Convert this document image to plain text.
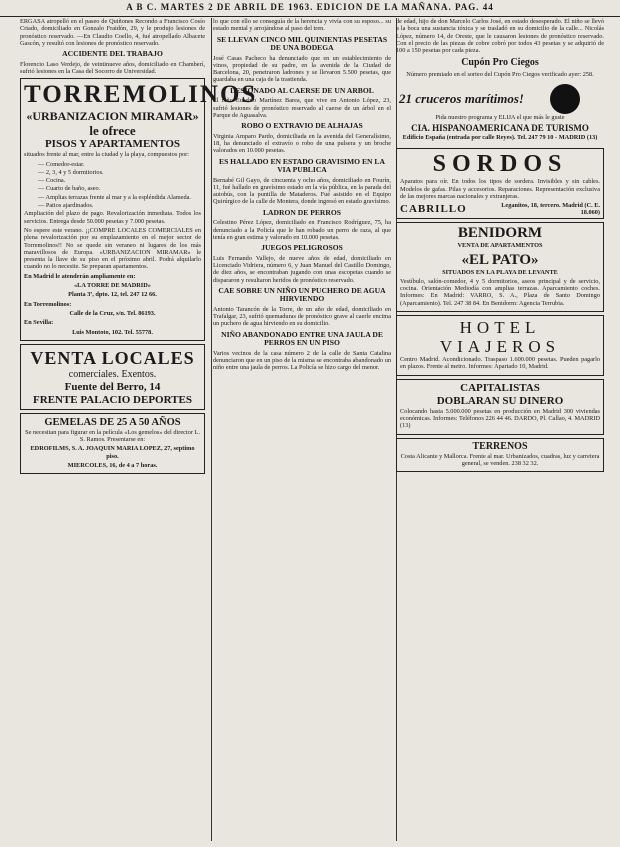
A B C. MARTES 2 DE ABRIL DE 1963. EDICION DE LA MAÑANA. PAG. 44

ERGASA atropelló en el paseo de Quiñones Recondo a Francisco Cosío Criado, domiciliado en Gonzalo Fraidón, 29, y le produjo lesiones de pronóstico reservado. —En Claudio Coello, 4, fué atropellado Albacete Gascón, y resultó con lesiones de pronóstico reservado.

ACCIDENTE DEL TRABAJO

Florencio Laso Verdejo, de veintinueve años, domiciliado en Chamberí, sufrió lesiones en la Casa del Socorro de Universidad.

TORREMOLINOS
«URBANIZACION MIRAMAR»
le ofrece
PISOS Y APARTAMENTOS

situados frente al mar, entre la ciudad y la playa, compuestos por:

— Comedor-estar.

— 2, 3, 4 y 5 dormitorios.

— Cocina.

— Cuarto de baño, aseo.

— Amplias terrazas frente al mar y a la espléndida Alameda.

— Patios ajardinados.

Ampliación del plazo de pago. Revalorización inmediata. Todos los servicios. Entrega desde 50.000 pesetas y 7.000 pesetas.

No espere este verano. ¡¡COMPRE LOCALES COMERCIALES en plena revalorización por su emplazamiento en el mejor sector de Torremolinos!! No se quede sin veraneo ni lugares de los más maravillosos de Europa. «URBANIZACION MIRAMAR» le presenta la llave de su piso en el próximo abril. Podrá alquilarlo cuando no lo necesite. Se preparan apartamentos.

En Madrid le atenderán ampliamente en:

«LA TORRE DE MADRID»

Planta 3ª, dpto. 12, tel. 247 12 66.

En Torremolinos:

Calle de la Cruz, s/n. Tel. 86193.

En Sevilla:

Luis Montoto, 102. Tel. 55778.

VENTA LOCALES
comerciales. Exentos.
Fuente del Berro, 14
FRENTE PALACIO DEPORTES
GEMELAS DE 25 A 50 AÑOS

Se necesitan para figurar en la película «Los gemelos» del director L. S. Ramos. Presentarse en:

EDROFILMS, S. A. JOAQUIN MARIA LOPEZ, 27, septimo piso.

MIERCOLES, 16, de 4 a 7 horas.

lo que con ello se conseguía de la herencia y vivía con su esposo... su estado mental y arrojándose al paso del tren.

SE LLEVAN CINCO MIL QUINIENTAS PESETAS DE UNA BODEGA

José Casas Pacheco ha denunciado que en un establecimiento de vinos, propiedad de su padre, en la avenida de la Ciudad de Barcelona, 20, penetraron ladrones y se llevaron 5.500 pesetas, que guardaba en una caja de la trastienda.

LESIONADO AL CAERSE DE UN ARBOL

El niño Eusebio Martínez Barea, que vive en Antonio López, 23, sufrió lesiones de pronóstico reservado al caerse de un árbol en el Parque de Aguasalva.

ROBO O EXTRAVIO DE ALHAJAS

Virginia Amparo Pardo, domiciliada en la avenida del Generalísimo, 18, ha denunciado el extravío o robo de una pulsera y un broche valorados en 10.000 pesetas.

ES HALLADO EN ESTADO GRAVISIMO EN LA VIA PUBLICA

Bernabé Gil Gayo, de cincuenta y ocho años, domiciliado en Fourín, 11, fué hallado en gravísimo estado en la vía pública, en la parada del autobús, con la puntilla de Mataderos. Fué asistido en el Equipo Quirúrgico de la calle de Montera, donde ingresó en estado gravísimo.

LADRON DE PERROS

Celestino Pérez López, domiciliado en Francisco Rodríguez, 75, ha denunciado a la Policía que le han robado un perro de raza, al que tenía en gran estima y valorado en 10.000 pesetas.

JUEGOS PELIGROSOS

Luis Fernando Vallejo, de nueve años de edad, domiciliado en Licenciado Vidriera, número 6, y Juan Manuel del Castillo Domingo, de diez años, se encontraban jugando con unas escopetas cuando se dispararon y resultaron heridos de pronóstico reservado.

CAE SOBRE UN NIÑO UN PUCHERO DE AGUA HIRVIENDO

Antonio Tarancón de la Torre, de un año de edad, domiciliado en Trafalgar, 23, sufrió quemaduras de pronóstico grave al caerle encima un puchero de agua hirviendo en su domicilio.

NIÑO ABANDONADO ENTRE UNA JAULA DE PERROS EN UN PISO

Varios vecinos de la casa número 2 de la calle de Santa Catalina denunciaron que en un piso de la misma se encontraba abandonado un niño entre una jaula de perros. La Policía se hizo cargo del menor.

de edad, hijo de don Marcelo Carlos José, en estado desesperado. El niño se llevó a la boca una sustancia tóxica y se trasladó en su domicilio de la calle... Nicolás López, número 14, de Oreste, que le causaron lesiones de pronóstico reservado. Con el precio de las piezas de cobre cobró por todos 43 pesetas y se adquirió de 100 a 150 pesetas por cada pieza.

Cupón Pro Ciegos

Número premiado en el sorteo del Cupón Pro Ciegos verificado ayer: 258.

21 cruceros marítimos!

Pida nuestro programa y ELIJA el que más le guste

CIA. HISPANOAMERICANA DE TURISMO

Edificio España (entrada por calle Reyes). Tel. 247 79 10 - MADRID (13)

SORDOS

Aparatos para oír. En todos los tipos de sordera. Invisibles y sin cables. Modelos de gafas. Pilas y accesorios. Reparaciones. Representación exclusiva de las mejores marcas nacionales y extranjeras.

CABRILLO	Leganitos, 18, tercero. Madrid (C. E. 18.060)
BENIDORM

VENTA DE APARTAMENTOS

«EL PATO»

SITUADOS EN LA PLAYA DE LEVANTE

Vestíbulo, salón-comedor, 4 y 5 dormitorios, aseos principal y de servicio, cocina. Orientación Mediodía con amplias terrazas. Aparcamiento coches. Informes: En Madrid: VARRO, S. A., Plaza de Santo Domingo (Aparcamiento). Tel. 247 38 84. En Benidorm: Agencia Terrubia.

HOTEL
VIAJEROS

Centro Madrid. Acondicionado. Traspaso 1.600.000 pesetas. Pueden pagarlo en plazos. Frente al metro. Informes: Apartado 10, Madrid.

CAPITALISTAS
DOBLARAN SU DINERO

Colocando hasta 5.000.000 pesetas en producción en Madrid 300 viviendas económicas. Informes: Teléfonos 226 44 46. DARDO, Pl. Callao, 4. MADRID (13)

TERRENOS

Costa Alicante y Mallorca. Frente al mar. Urbanizados, cuadras, luz y carretera general, se venden. 238 32 32.
